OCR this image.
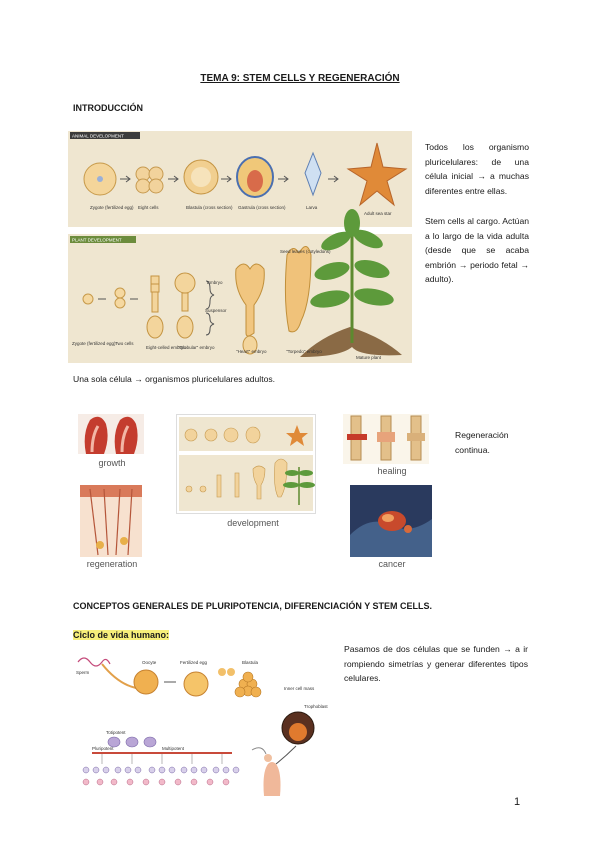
TEMA 9: STEM CELLS Y REGENERACIÓN
INTRODUCCIÓN
ANIMAL DEVELOPMENT
PLANT DEVELOPMENT
Zygote (fertilized egg) Eight cells	Blastula (cross section) Gastrula (cross section)	Larva
Adult sea star
Embryo
Suspensor
Seed leaves (cotyledons)
Zygote (fertilized egg) Two cells
Eight-celled embryo
"Globular" embryo
"Heart" embryo	"Torpedo" embryo
Mature plant
Todos los organismo pluricelulares: de una célula inicial → a muchas diferentes entre ellas.
Stem cells al cargo. Actúan a lo largo de la vida adulta (desde que se acaba embrión → periodo fetal → adulto).
Una sola célula → organismos pluricelulares adultos.
growth
development
healing
Regeneración continua.
regeneration	cancer
CONCEPTOS GENERALES DE PLURIPOTENCIA, DIFERENCIACIÓN Y STEM CELLS.
Ciclo de vida humano:
Pasamos de dos células que se funden → a ir rompiendo simetrías y generar diferentes tipos celulares.
Sperm
Oocyte	Fertilized egg	Blastula
Inner cell mass
Trophoblast
Totipotent
Pluripotent	Multipotent
1
